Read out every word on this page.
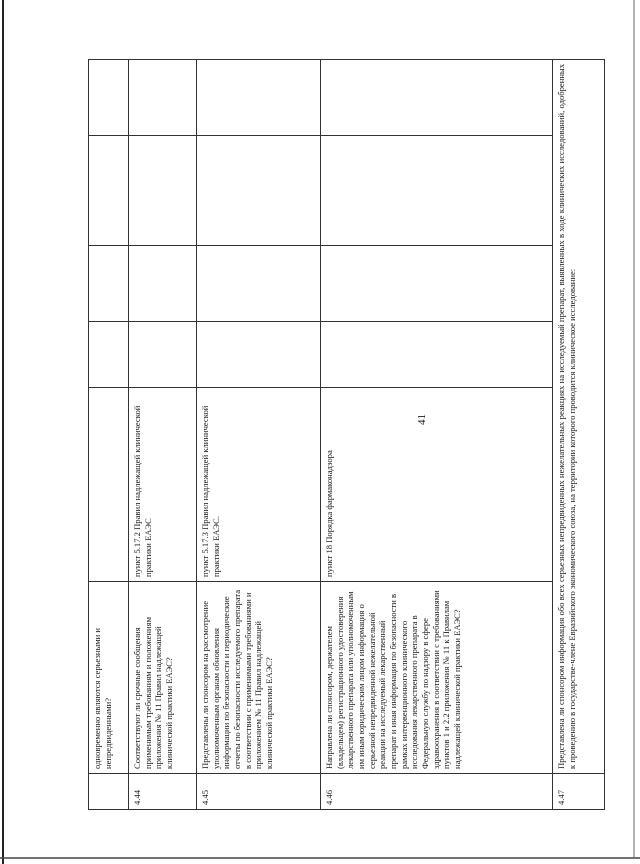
41
	одновременно являются серьезными и непредвиденными?					
4.44	Соответствуют ли срочные сообщения применимым требованиям и положениям приложения № 11 Правил надлежащей клинической практики ЕАЭС?	пункт 5.17.2 Правил надлежащей клинической практики ЕАЭС				
4.45	Представлены ли спонсором на рассмотрение уполномоченным органам обновления информации по безопасности и периодические отчеты по безопасности исследуемого препарата в соответствии с применимыми требованиями и приложением № 11 Правил надлежащей клинической практики ЕАЭС?	пункт 5.17.3 Правил надлежащей клинической практики ЕАЭС.				
4.46	Направлена ли спонсором, держателем (владельцем) регистрационного удостоверения лекарственного препарата или уполномоченным им иным юридическим лицом информация о серьезной непредвиденной нежелательной реакции на исследуемый лекарственный препарат и иная информация по безопасности в рамках интервенционного клинического исследования лекарственного препарата в Федеральную службу по надзору в сфере здравоохранения в соответствии с требованиями пунктов 1 и 2.2 приложения № 11 к Правилам надлежащей клинической практики ЕАЭС?	пункт 18 Порядка фармаконадзора				
4.47	Представлена ли спонсором информация обо всех серьезных непредвиденных нежелательных реакциях на исследуемый препарат, выявленных в ходе клинических исследований, одобренных к проведению в государстве-члене Евразийского экономического союза, на территории которого проводится клиническое исследование:					
